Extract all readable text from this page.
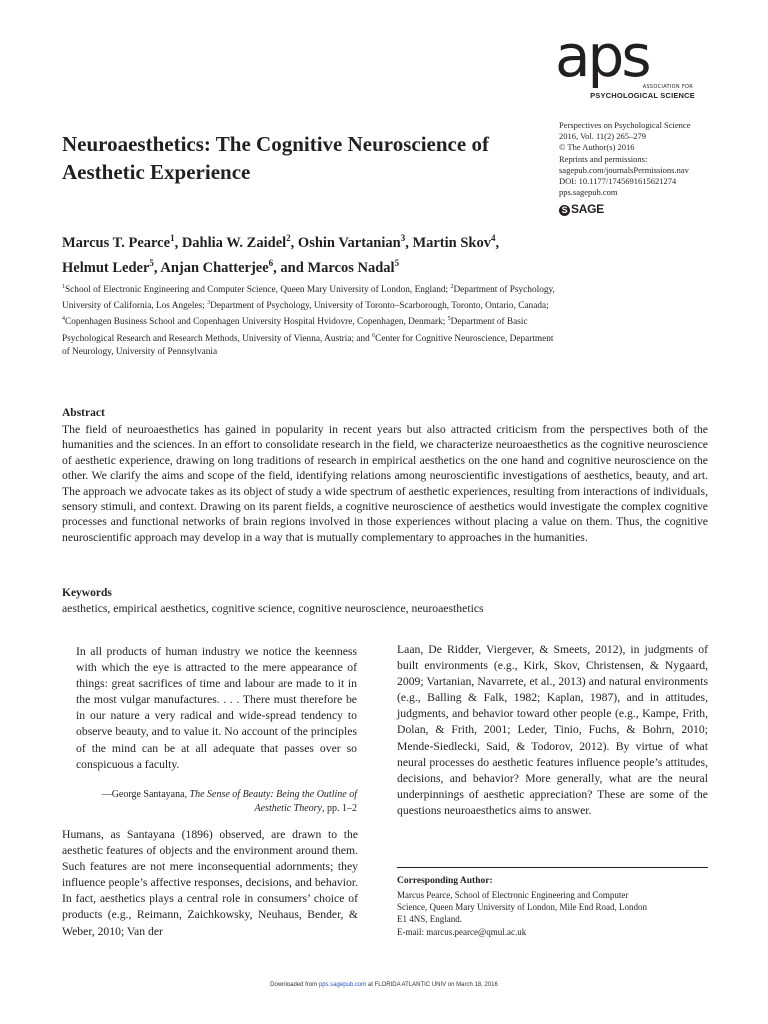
aps
ASSOCIATION FOR
PSYCHOLOGICAL SCIENCE
Perspectives on Psychological Science
2016, Vol. 11(2) 265–279
© The Author(s) 2016
Reprints and permissions:
sagepub.com/journalsPermissions.nav
DOI: 10.1177/1745691615621274
pps.sagepub.com
S SAGE
Neuroaesthetics: The Cognitive Neuroscience of Aesthetic Experience
Marcus T. Pearce$^1$, Dahlia W. Zaidel$^2$, Oshin Vartanian$^3$, Martin Skov$^4$, Helmut Leder$^5$, Anjan Chatterjee$^6$, and Marcos Nadal$^5$
$^1$School of Electronic Engineering and Computer Science, Queen Mary University of London, England; $^2$Department of Psychology, University of California, Los Angeles; $^3$Department of Psychology, University of Toronto–Scarborough, Toronto, Ontario, Canada; $^4$Copenhagen Business School and Copenhagen University Hospital Hvidovre, Copenhagen, Denmark; $^5$Department of Basic Psychological Research and Research Methods, University of Vienna, Austria; and $^6$Center for Cognitive Neuroscience, Department of Neurology, University of Pennsylvania
Abstract
The field of neuroaesthetics has gained in popularity in recent years but also attracted criticism from the perspectives both of the humanities and the sciences. In an effort to consolidate research in the field, we characterize neuroaesthetics as the cognitive neuroscience of aesthetic experience, drawing on long traditions of research in empirical aesthetics on the one hand and cognitive neuroscience on the other. We clarify the aims and scope of the field, identifying relations among neuroscientific investigations of aesthetics, beauty, and art. The approach we advocate takes as its object of study a wide spectrum of aesthetic experiences, resulting from interactions of individuals, sensory stimuli, and context. Drawing on its parent fields, a cognitive neuroscience of aesthetics would investigate the complex cognitive processes and functional networks of brain regions involved in those experiences without placing a value on them. Thus, the cognitive neuroscientific approach may develop in a way that is mutually complementary to approaches in the humanities.
Keywords
aesthetics, empirical aesthetics, cognitive science, cognitive neuroscience, neuroaesthetics
In all products of human industry we notice the keenness with which the eye is attracted to the mere appearance of things: great sacrifices of time and labour are made to it in the most vulgar manufactures. . . . There must therefore be in our nature a very radical and wide-spread tendency to observe beauty, and to value it. No account of the principles of the mind can be at all adequate that passes over so conspicuous a faculty.
—George Santayana, The Sense of Beauty: Being the Outline of Aesthetic Theory, pp. 1–2
Humans, as Santayana (1896) observed, are drawn to the aesthetic features of objects and the environment around them. Such features are not mere inconsequential adornments; they influence people’s affective responses, decisions, and behavior. In fact, aesthetics plays a central role in consumers’ choice of products (e.g., Reimann, Zaichkowsky, Neuhaus, Bender, & Weber, 2010; Van der
Laan, De Ridder, Viergever, & Smeets, 2012), in judgments of built environments (e.g., Kirk, Skov, Christensen, & Nygaard, 2009; Vartanian, Navarrete, et al., 2013) and natural environments (e.g., Balling & Falk, 1982; Kaplan, 1987), and in attitudes, judgments, and behavior toward other people (e.g., Kampe, Frith, Dolan, & Frith, 2001; Leder, Tinio, Fuchs, & Bohrn, 2010; Mende-Siedlecki, Said, & Todorov, 2012). By virtue of what neural processes do aesthetic features influence people’s attitudes, decisions, and behavior? More generally, what are the neural underpinnings of aesthetic appreciation? These are some of the questions neuroaesthetics aims to answer.
Corresponding Author:
Marcus Pearce, School of Electronic Engineering and Computer
Science, Queen Mary University of London, Mile End Road, London
E1 4NS, England.
E-mail: marcus.pearce@qmul.ac.uk
Downloaded from pps.sagepub.com at FLORIDA ATLANTIC UNIV on March 18, 2016
